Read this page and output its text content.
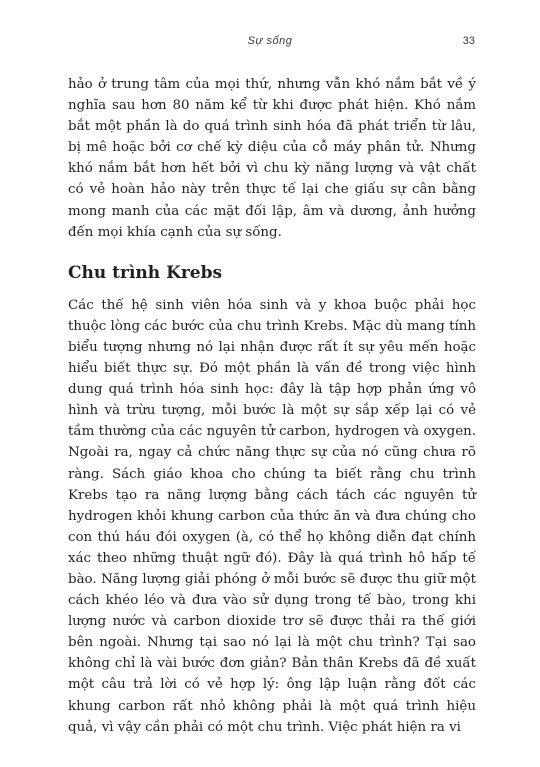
Sự sống	33

hảo ở trung tâm của mọi thứ, nhưng vẫn khó nắm bắt về ý nghĩa sau hơn 80 năm kể từ khi được phát hiện. Khó nắm bắt một phần là do quá trình sinh hóa đã phát triển từ lâu, bị mê hoặc bởi cơ chế kỳ diệu của cỗ máy phân tử. Nhưng khó nắm bắt hơn hết bởi vì chu kỳ năng lượng và vật chất có vẻ hoàn hảo này trên thực tế lại che giấu sự cân bằng mong manh của các mặt đối lập, âm và dương, ảnh hưởng đến mọi khía cạnh của sự sống.

Chu trình Krebs

Các thế hệ sinh viên hóa sinh và y khoa buộc phải học thuộc lòng các bước của chu trình Krebs. Mặc dù mang tính biểu tượng nhưng nó lại nhận được rất ít sự yêu mến hoặc hiểu biết thực sự. Đó một phần là vấn đề trong việc hình dung quá trình hóa sinh học: đây là tập hợp phản ứng vô hình và trừu tượng, mỗi bước là một sự sắp xếp lại có vẻ tầm thường của các nguyên tử carbon, hydrogen và oxygen. Ngoài ra, ngay cả chức năng thực sự của nó cũng chưa rõ ràng. Sách giáo khoa cho chúng ta biết rằng chu trình Krebs tạo ra năng lượng bằng cách tách các nguyên tử hydrogen khỏi khung carbon của thức ăn và đưa chúng cho con thú háu đói oxygen (à, có thể họ không diễn đạt chính xác theo những thuật ngữ đó). Đây là quá trình hô hấp tế bào. Năng lượng giải phóng ở mỗi bước sẽ được thu giữ một cách khéo léo và đưa vào sử dụng trong tế bào, trong khi lượng nước và carbon dioxide trơ sẽ được thải ra thế giới bên ngoài. Nhưng tại sao nó lại là một chu trình? Tại sao không chỉ là vài bước đơn giản? Bản thân Krebs đã đề xuất một câu trả lời có vẻ hợp lý: ông lập luận rằng đốt các khung carbon rất nhỏ không phải là một quá trình hiệu quả, vì vậy cần phải có một chu trình. Việc phát hiện ra vi
